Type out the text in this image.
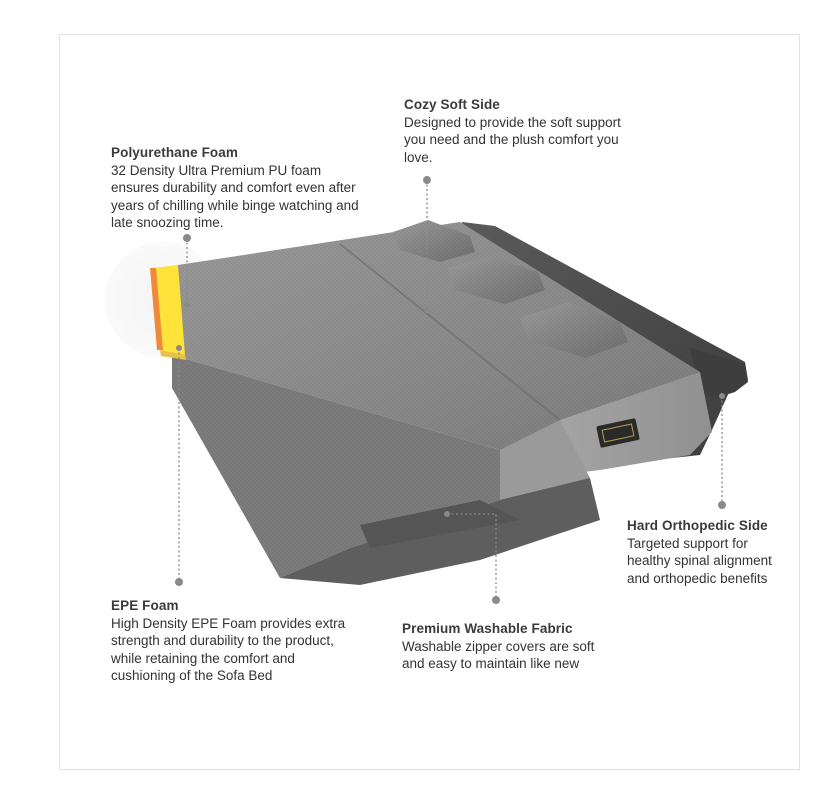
Cozy Soft Side
Designed to provide the soft support you need and the plush comfort you love.
Polyurethane Foam
32 Density Ultra Premium PU foam ensures durability and comfort even after years of chilling while binge watching and late snoozing time.
Hard Orthopedic Side
Targeted support for healthy spinal alignment and orthopedic benefits
EPE Foam
High Density EPE Foam provides extra strength and durability to the product, while retaining the comfort and cushioning of the Sofa Bed
Premium Washable Fabric
Washable zipper covers are soft and easy to maintain like new
